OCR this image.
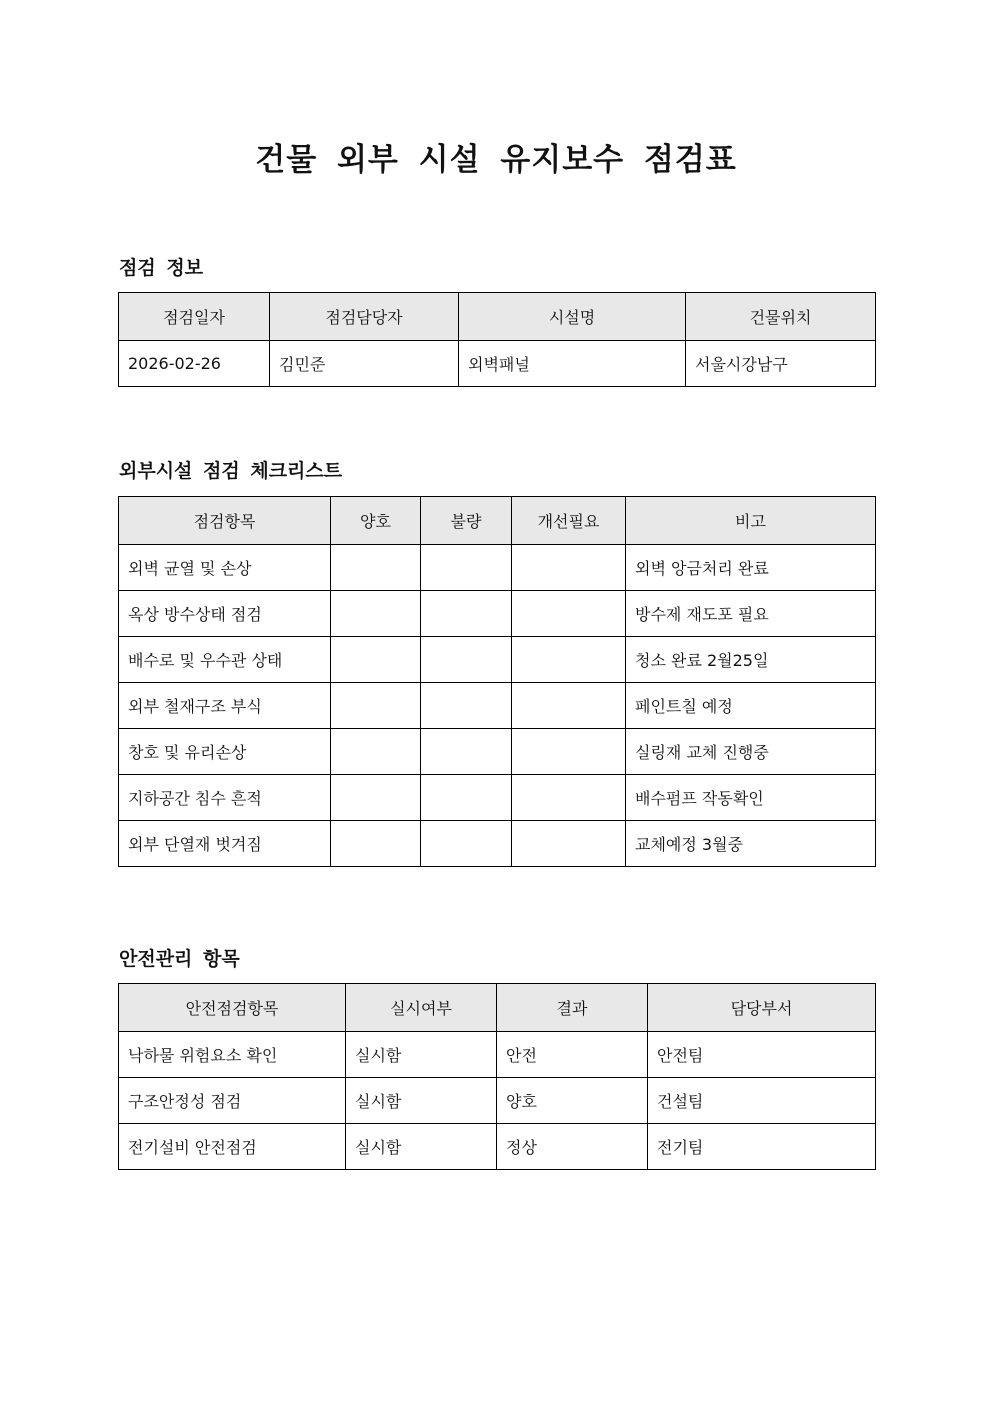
건물 외부 시설 유지보수 점검표
점검 정보
점검일자	점검담당자	시설명	건물위치
2026-02-26	김민준	외벽패널	서울시강남구
외부시설 점검 체크리스트
점검항목	양호	불량	개선필요	비고
외벽 균열 및 손상				외벽 앙금처리 완료
옥상 방수상태 점검				방수제 재도포 필요
배수로 및 우수관 상태				청소 완료 2월25일
외부 철재구조 부식				페인트칠 예정
창호 및 유리손상				실링재 교체 진행중
지하공간 침수 흔적				배수펌프 작동확인
외부 단열재 벗겨짐				교체예정 3월중
안전관리 항목
안전점검항목	실시여부	결과	담당부서
낙하물 위험요소 확인	실시함	안전	안전팀
구조안정성 점검	실시함	양호	건설팀
전기설비 안전점검	실시함	정상	전기팀
